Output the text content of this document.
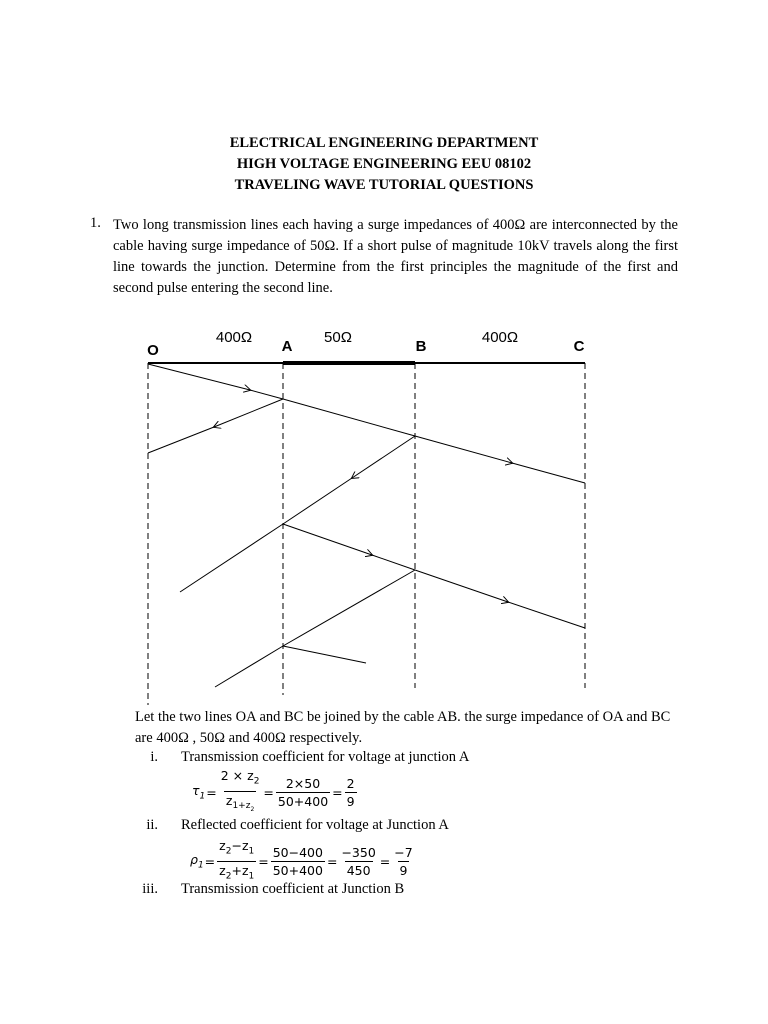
ELECTRICAL ENGINEERING DEPARTMENT
HIGH VOLTAGE ENGINEERING EEU 08102
TRAVELING WAVE TUTORIAL QUESTIONS
1. Two long transmission lines each having a surge impedances of 400Ω are interconnected by the cable having surge impedance of 50Ω. If a short pulse of magnitude 10kV travels along the first line towards the junction. Determine from the first principles the magnitude of the first and second pulse entering the second line.
400Ω	50Ω	400Ω
O	A	B	C
Let the two lines OA and BC be joined by the cable AB. the surge impedance of OA and BC are 400Ω , 50Ω and 400Ω respectively.
i. Transmission coefficient for voltage at junction A
$\tau_1 = \frac{2 \times z_2}{z_{1+z_2}} = \frac{2\times 50}{50+400} = \frac{2}{9}$
ii. Reflected coefficient for voltage at Junction A
$\rho_1 = \frac{z_2-z_1}{z_2+z_1} = \frac{50-400}{50+400} = \frac{-350}{450} = \frac{-7}{9}$
iii. Transmission coefficient at Junction B
